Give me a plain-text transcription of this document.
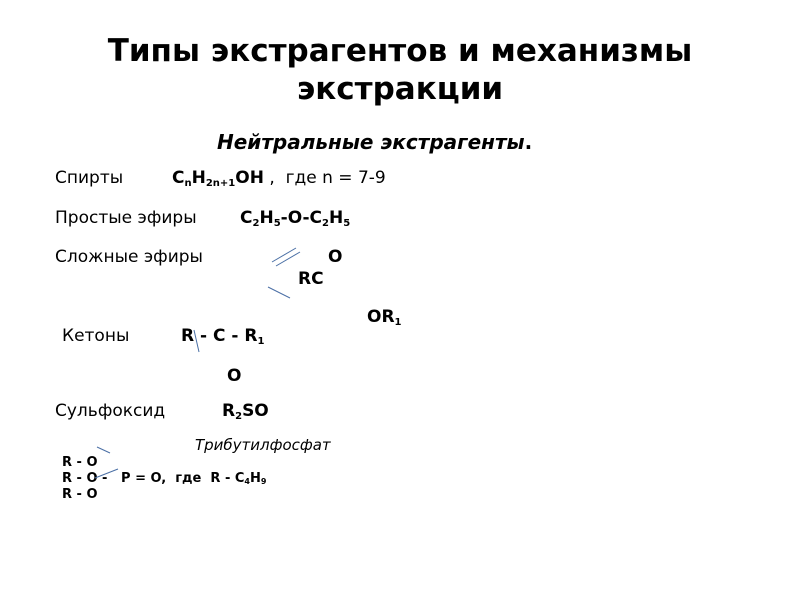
Типы экстрагентов и механизмы
экстракции
Нейтральные экстрагенты.
Спирты	$C_nH_{2n+1}OH$ ,  где n = 7-9
Простые эфиры	$C_2H_5-O-C_2H_5$
Сложные эфиры	O
RC
$OR_1$
Кетоны	R - C - $R_1$
O
Сульфоксид	$R_2SO$
Трибутилфосфат
R - O
R - O - P = O,  где  R - $C_4H_9$
R - O
